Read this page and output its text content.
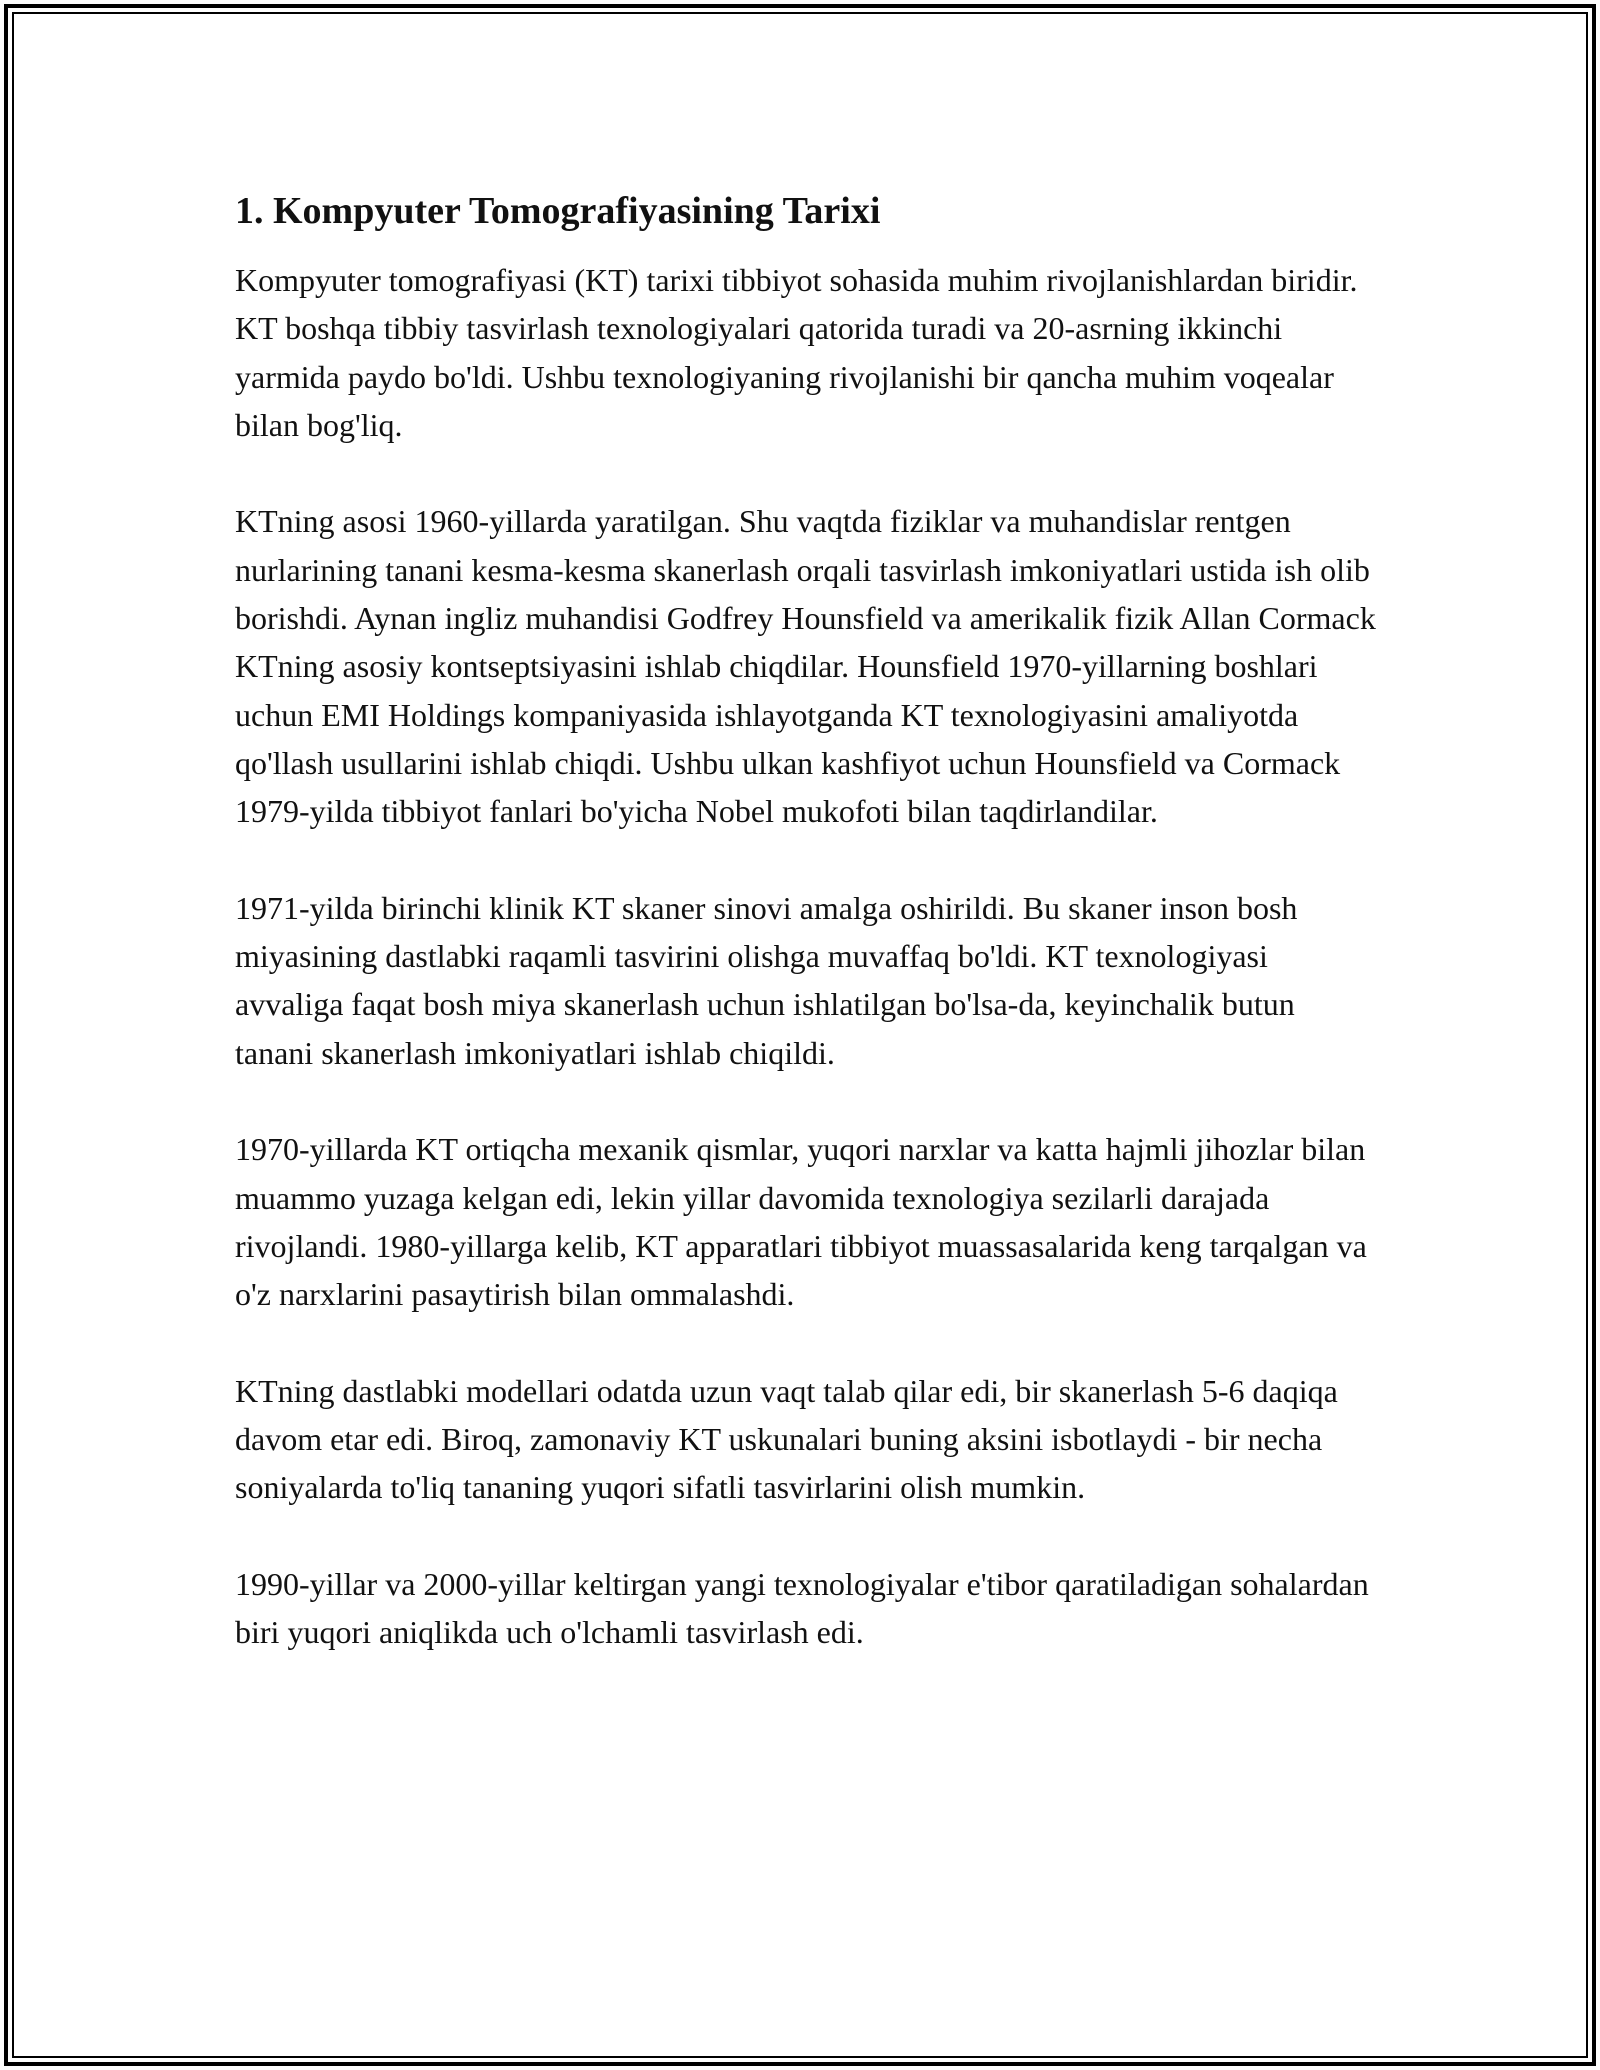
1. Kompyuter Tomografiyasining Tarixi

Kompyuter tomografiyasi (KT) tarixi tibbiyot sohasida muhim rivojlanishlardan biridir. KT boshqa tibbiy tasvirlash texnologiyalari qatorida turadi va 20-asrning ikkinchi yarmida paydo bo'ldi. Ushbu texnologiyaning rivojlanishi bir qancha muhim voqealar bilan bog'liq.

KTning asosi 1960-yillarda yaratilgan. Shu vaqtda fiziklar va muhandislar rentgen nurlarining tanani kesma-kesma skanerlash orqali tasvirlash imkoniyatlari ustida ish olib borishdi. Aynan ingliz muhandisi Godfrey Hounsfield va amerikalik fizik Allan Cormack KTning asosiy kontseptsiyasini ishlab chiqdilar. Hounsfield 1970-yillarning boshlari uchun EMI Holdings kompaniyasida ishlayotganda KT texnologiyasini amaliyotda qo'llash usullarini ishlab chiqdi. Ushbu ulkan kashfiyot uchun Hounsfield va Cormack 1979-yilda tibbiyot fanlari bo'yicha Nobel mukofoti bilan taqdirlandilar.

1971-yilda birinchi klinik KT skaner sinovi amalga oshirildi. Bu skaner inson bosh miyasining dastlabki raqamli tasvirini olishga muvaffaq bo'ldi. KT texnologiyasi avvaliga faqat bosh miya skanerlash uchun ishlatilgan bo'lsa-da, keyinchalik butun tanani skanerlash imkoniyatlari ishlab chiqildi.

1970-yillarda KT ortiqcha mexanik qismlar, yuqori narxlar va katta hajmli jihozlar bilan muammo yuzaga kelgan edi, lekin yillar davomida texnologiya sezilarli darajada rivojlandi. 1980-yillarga kelib, KT apparatlari tibbiyot muassasalarida keng tarqalgan va o'z narxlarini pasaytirish bilan ommalashdi.

KTning dastlabki modellari odatda uzun vaqt talab qilar edi, bir skanerlash 5-6 daqiqa davom etar edi. Biroq, zamonaviy KT uskunalari buning aksini isbotlaydi - bir necha soniyalarda to'liq tananing yuqori sifatli tasvirlarini olish mumkin.

1990-yillar va 2000-yillar keltirgan yangi texnologiyalar e'tibor qaratiladigan sohalardan biri yuqori aniqlikda uch o'lchamli tasvirlash edi.
